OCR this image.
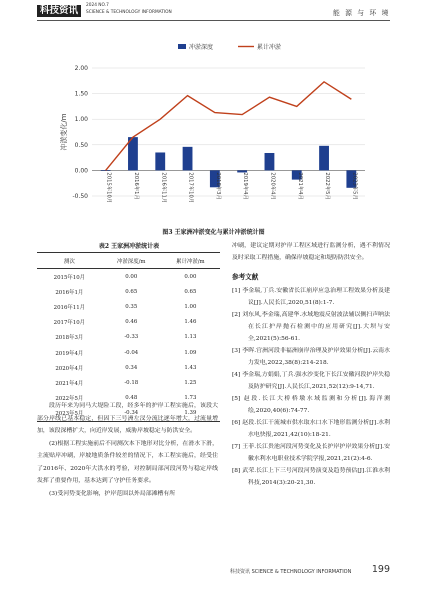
科技资讯	2024 NO.7
SCIENCE & TECHNOLOGY INFORMATION	能 源 与 环 境
冲淤深度	累计冲淤
2.00
1.50
1.00
0.50
0.00
-0.50	2015年10月	2016年1月	2016年11月	2017年10月	2018年3月	2019年4月	2020年4月	2021年4月	2022年5月	2023年5月
冲淤变化/m
图3 王家洲冲淤变化与累计冲淤统计图
表2 王家洲冲淤统计表
测次	冲淤深度/m	累计冲淤/m
2015年10月	0.00	0.00
2016年1月	0.65	0.65
2016年11月	0.35	1.00
2017年10月	0.46	1.46
2018年3月	-0.33	1.13
2019年4月	-0.04	1.09
2020年4月	0.34	1.43
2021年4月	-0.18	1.25
2022年5月	0.48	1.73
2023年5月	-0.34	1.39

段历年来为同马大堤险工段，经多年的护岸工程实施后，该段大部分岸线已基本稳定，但因下三号洲左汊分流比逐年增大，过流量增加，该段深槽扩大，向近岸发展，威胁岸坡稳定与防洪安全。

(2)根据工程实施前后不同测次本下地形对比分析，在滑水下滑，主流贴岸冲刷，岸坡地质条件较差的情况下，本工程实施后，经受住了2016年、2020年大洪水的考验，对控制局部河段河势与稳定岸线发挥了重要作用，基本达到了守护任务要求。

(3)受河势变化影响，护岸范围以外局部滩槽有所

冲刷，建议定期对护岸工程区域进行监测分析，遇不利情况及时采取工程措施，确保岸坡稳定和堤防防洪安全。

参考文献

[1] 李金瑞,丁兵.安徽省长江崩岸应急治理工程效果分析及建议[J].人民长江,2020,51(8):1-7.

[2] 刘东风,李金瑞,高建华.水域地震反射波法辅以侧扫声呐法在长江护岸抛石检测中的应用研究[J].大坝与安全,2021(5):56-61.

[3] 李晖.官洲河段非福洲崩岸治理及护岸效果分析[J].云南水力发电,2022,38(8):214-218.

[4] 李金瑞,方娟娟,丁兵.强水沙变化下长江安徽河段护岸失稳及防护研究[J].人民长江,2021,52(12):9-14,71.

[5] 赵段.长江大桥桥墩水域监测和分析[J].海洋测绘,2020,40(6):74-77.

[6] 赵段.长江干流城市供水取水口水下地形监测分析[J].水利水电快报,2021,42(10):18-21.

[7] 王菲.长江贵池河段河势变化及长护岸护岸效果分析[J].安徽水利水电职业技术学院学报,2021,21(2):4-6.

[8] 武荣.长江上下三号河段河势演变及趋势预估[J].江淮水利科技,2014(3):20-21,30.

科技资讯 SCIENCE & TECHNOLOGY INFORMATION 199
